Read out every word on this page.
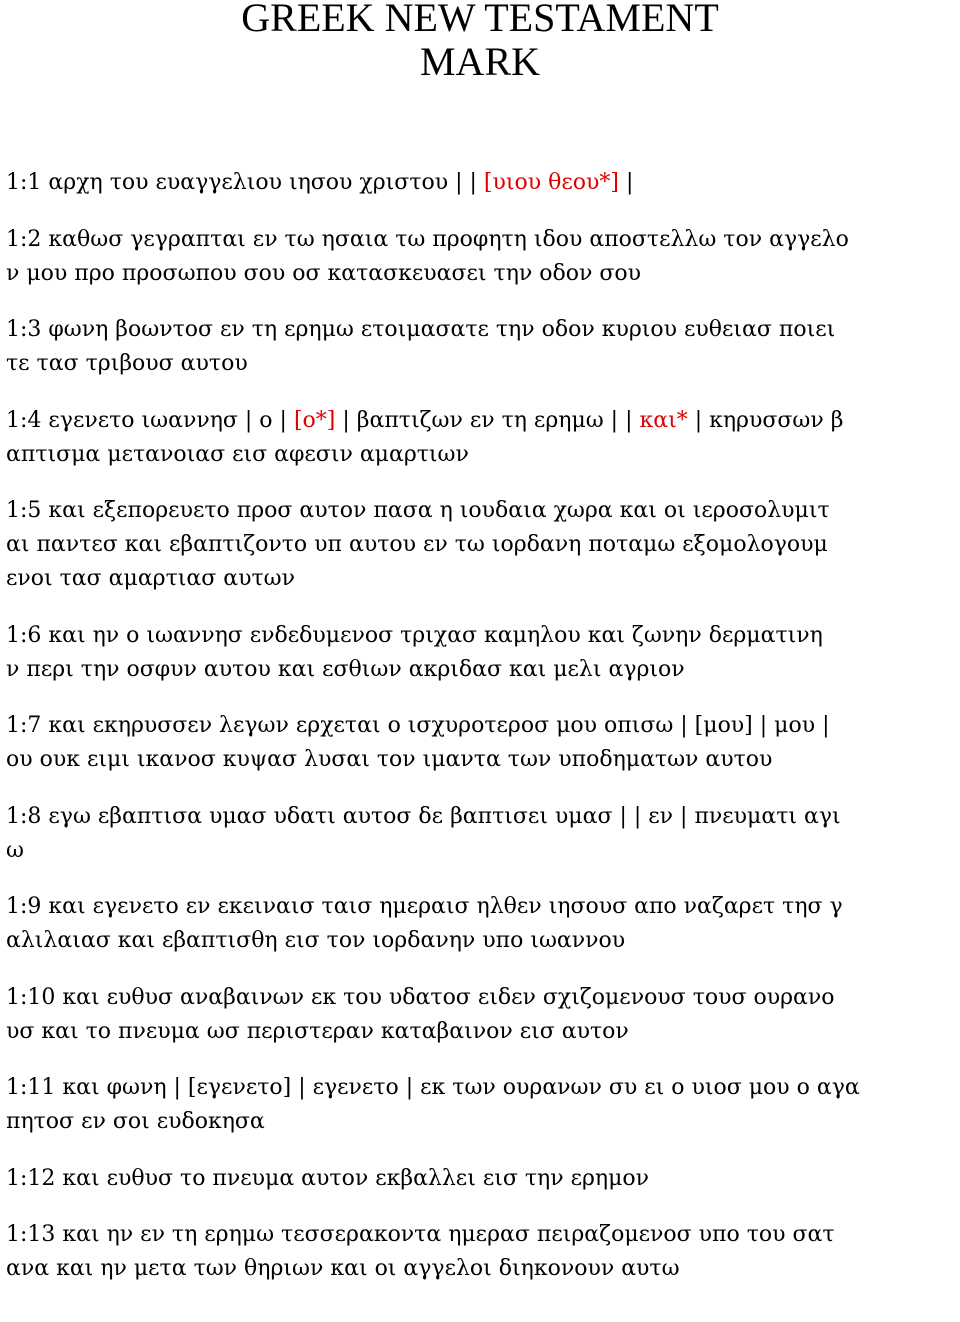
GREEK NEW TESTAMENT
MARK
1:1 αρχη του ευαγγελιου ιησου χριστου | | [υιου θεου*] |
1:2 καθωσ γεγραπται εν τω ησαια τω προφητη ιδου αποστελλω τον αγγελο
ν μου προ προσωπου σου οσ κατασκευασει την οδον σου
1:3 φωνη βοωντοσ εν τη ερημω ετοιμασατε την οδον κυριου ευθειασ ποιει
τε τασ τριβουσ αυτου
1:4 εγενετο ιωαννησ | ο | [ο*] | βαπτιζων εν τη ερημω | | και* | κηρυσσων β
απτισμα μετανοιασ εισ αφεσιν αμαρτιων
1:5 και εξεπορευετο προσ αυτον πασα η ιουδαια χωρα και οι ιεροσολυμιτ
αι παντεσ και εβαπτιζοντο υπ αυτου εν τω ιορδανη ποταμω εξομολογουμ
ενοι τασ αμαρτιασ αυτων
1:6 και ην ο ιωαννησ ενδεδυμενοσ τριχασ καμηλου και ζωνην δερματινη
ν περι την οσφυν αυτου και εσθιων ακριδασ και μελι αγριον
1:7 και εκηρυσσεν λεγων ερχεται ο ισχυροτεροσ μου οπισω | [μου] | μου |
ου ουκ ειμι ικανοσ κυψασ λυσαι τον ιμαντα των υποδηματων αυτου
1:8 εγω εβαπτισα υμασ υδατι αυτοσ δε βαπτισει υμασ | | εν | πνευματι αγι
ω
1:9 και εγενετο εν εκειναισ ταισ ημεραισ ηλθεν ιησουσ απο ναζαρετ τησ γ
αλιλαιασ και εβαπτισθη εισ τον ιορδανην υπο ιωαννου
1:10 και ευθυσ αναβαινων εκ του υδατοσ ειδεν σχιζομενουσ τουσ ουρανο
υσ και το πνευμα ωσ περιστεραν καταβαινον εισ αυτον
1:11 και φωνη | [εγενετο] | εγενετο | εκ των ουρανων συ ει ο υιοσ μου ο αγα
πητοσ εν σοι ευδοκησα
1:12 και ευθυσ το πνευμα αυτον εκβαλλει εισ την ερημον
1:13 και ην εν τη ερημω τεσσερακοντα ημερασ πειραζομενοσ υπο του σατ
ανα και ην μετα των θηριων και οι αγγελοι διηκονουν αυτω
